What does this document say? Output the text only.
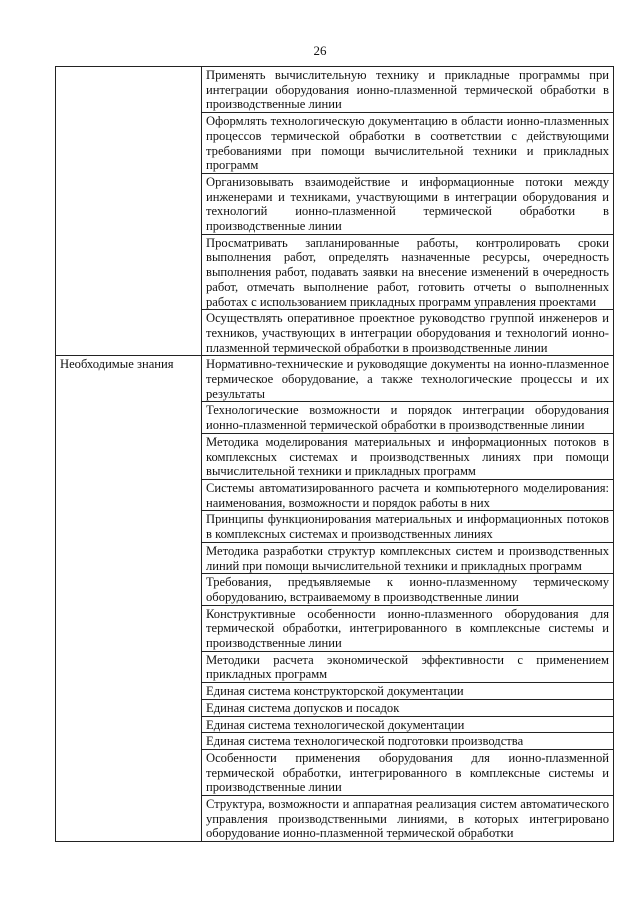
26
	Применять вычислительную технику и прикладные программы при интеграции оборудования ионно-плазменной термической обработки в производственные линии
	Оформлять технологическую документацию в области ионно-плазменных процессов термической обработки в соответствии с действующими требованиями при помощи вычислительной техники и прикладных программ
	Организовывать взаимодействие и информационные потоки между инженерами и техниками, участвующими в интеграции оборудования и технологий ионно-плазменной термической обработки в производственные линии
	Просматривать запланированные работы, контролировать сроки выполнения работ, определять назначенные ресурсы, очередность выполнения работ, подавать заявки на внесение изменений в очередность работ, отмечать выполнение работ, готовить отчеты о выполненных работах с использованием прикладных программ управления проектами
	Осуществлять оперативное проектное руководство группой инженеров и техников, участвующих в интеграции оборудования и технологий ионно-плазменной термической обработки в производственные линии
Необходимые знания	Нормативно-технические и руководящие документы на ионно-плазменное термическое оборудование, а также технологические процессы и их результаты
	Технологические возможности и порядок интеграции оборудования ионно-плазменной термической обработки в производственные линии
	Методика моделирования материальных и информационных потоков в комплексных системах и производственных линиях при помощи вычислительной техники и прикладных программ
	Системы автоматизированного расчета и компьютерного моделирования: наименования, возможности и порядок работы в них
	Принципы функционирования материальных и информационных потоков в комплексных системах и производственных линиях
	Методика разработки структур комплексных систем и производственных линий при помощи вычислительной техники и прикладных программ
	Требования, предъявляемые к ионно-плазменному термическому оборудованию, встраиваемому в производственные линии
	Конструктивные особенности ионно-плазменного оборудования для термической обработки, интегрированного в комплексные системы и производственные линии
	Методики расчета экономической эффективности с применением прикладных программ
	Единая система конструкторской документации
	Единая система допусков и посадок
	Единая система технологической документации
	Единая система технологической подготовки производства
	Особенности применения оборудования для ионно-плазменной термической обработки, интегрированного в комплексные системы и производственные линии
	Структура, возможности и аппаратная реализация систем автоматического управления производственными линиями, в которых интегрировано оборудование ионно-плазменной термической обработки
